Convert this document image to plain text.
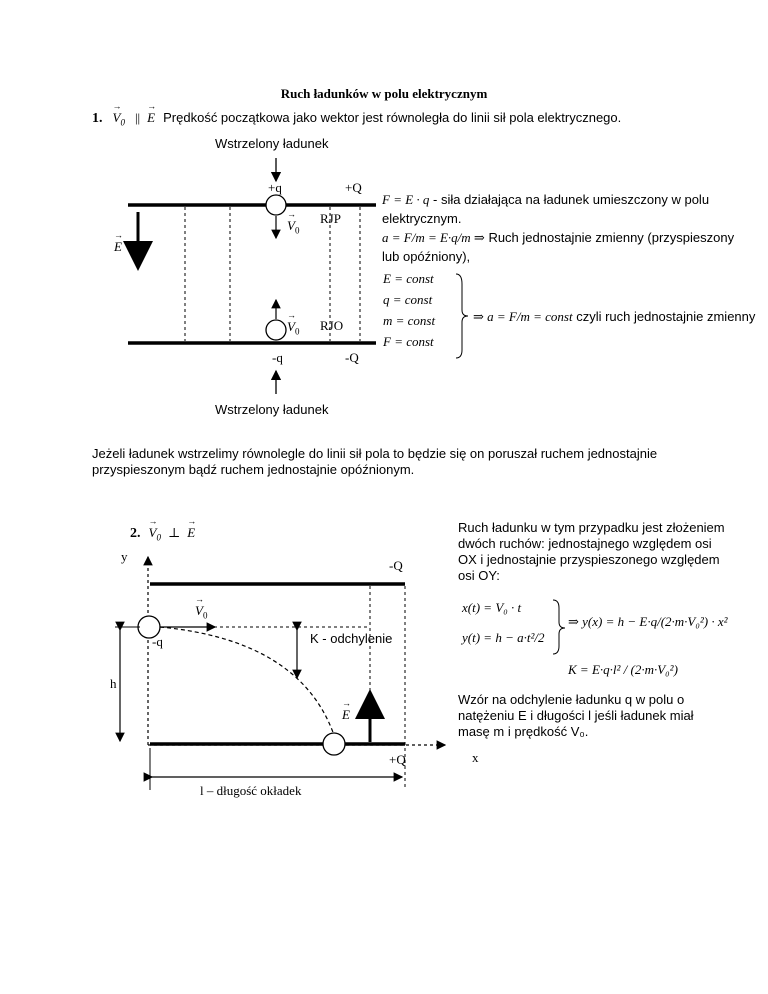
Ruch ładunków w polu elektrycznym
1. → $V_0$ || → E Prędkość początkowa jako wektor jest równoległa do linii sił pola elektrycznego.
Wstrzelony ładunek
Wstrzelony ładunek
+q	+Q
RJP
RJO
-q	-Q
→ E
→ $V_0$
→ $V_0$
F = E · q - siła działająca na ładunek umieszczony w polu
elektrycznym.
a = F/m = E·q/m ⇒ Ruch jednostajnie zmienny (przyspieszony
lub opóźniony),
E = const
q = const
m = const
F = const
⇒ a = F/m = const czyli ruch jednostajnie zmienny
Jeżeli ładunek wstrzelimy równolegle do linii sił pola to będzie się on poruszał ruchem jednostajnie przyspieszonym bądź ruchem jednostajnie opóźnionym.
2. → $V_0$ ⊥ → E
y
x
-Q
+Q
-q
→ $V_0$
K - odchylenie
h
→ E
l – długość okładek
Ruch ładunku w tym przypadku jest złożeniem
dwóch ruchów: jednostajnego względem osi
OX i jednostajnie przyspieszonego względem
osi OY:
x(t) = V₀ · t
y(t) = h − a·t²/2
⇒ y(x) = h − E·q/(2·m·V₀²) · x²
K = E·q·l² / (2·m·V₀²)
Wzór na odchylenie ładunku q w polu o
natężeniu E i długości l jeśli ładunek miał
masę m i prędkość V₀.
